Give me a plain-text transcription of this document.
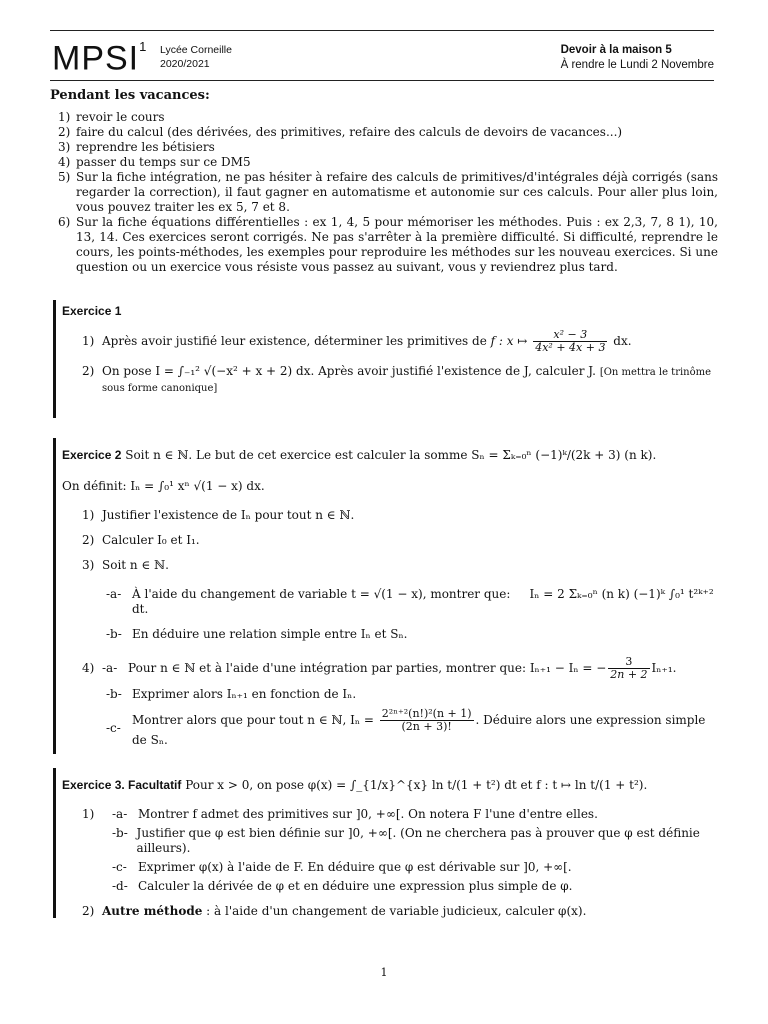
MPSI$^1$ Lycée Corneille
2020/2021
Devoir à la maison 5
À rendre le Lundi 2 Novembre
Pendant les vacances:
1) revoir le cours
2) faire du calcul (des dérivées, des primitives, refaire des calculs de devoirs de vacances...)
3) reprendre les bétisiers
4) passer du temps sur ce DM5
5) Sur la fiche intégration, ne pas hésiter à refaire des calculs de primitives/d'intégrales déjà corrigés (sans regarder la correction), il faut gagner en automatisme et autonomie sur ces calculs. Pour aller plus loin, vous pouvez traiter les ex 5, 7 et 8.
6) Sur la fiche équations différentielles : ex 1, 4, 5 pour mémoriser les méthodes. Puis : ex 2,3, 7, 8 1), 10, 13, 14. Ces exercices seront corrigés. Ne pas s'arrêter à la première difficulté. Si difficulté, reprendre le cours, les points-méthodes, les exemples pour reproduire les méthodes sur les nouveau exercices. Si une question ou un exercice vous résiste vous passez au suivant, vous y reviendrez plus tard.
Exercice 1
1) Après avoir justifié leur existence, déterminer les primitives de f : x ↦ $\frac{\text{x² − 3}}{\text{4x² + 4x + 3}}$ dx.
2) On pose I = ∫₋₁² √(−x² + x + 2) dx. Après avoir justifié l'existence de J, calculer J. [On mettra le trinôme sous forme canonique]
Exercice 2 Soit n ∈ ℕ. Le but de cet exercice est calculer la somme Sₙ = Σₖ₌₀ⁿ (−1)ᵏ/(2k + 3) (n k).
On définit: Iₙ = ∫₀¹ xⁿ √(1 − x) dx.
1) Justifier l'existence de Iₙ pour tout n ∈ ℕ.
2) Calculer I₀ et I₁.
3) Soit n ∈ ℕ.
-a- À l'aide du changement de variable t = √(1 − x), montrer que: Iₙ = 2 Σₖ₌₀ⁿ (n k) (−1)ᵏ ∫₀¹ t²ᵏ⁺² dt.
-b- En déduire une relation simple entre Iₙ et Sₙ.
4) -a- Pour n ∈ ℕ et à l'aide d'une intégration par parties, montrer que: Iₙ₊₁ − Iₙ = − $\frac{3}{2n + 2} I_{n+1}$.
-b- Exprimer alors Iₙ₊₁ en fonction de Iₙ.
-c-
Montrer alors que pour tout n ∈ ℕ, $I_n = \frac{\text{2²ⁿ⁺²(n!)²(n + 1)}}{(2n + 3)!}$ . Déduire alors une expression simple de Sₙ.
Exercice 3. Facultatif Pour x > 0, on pose φ(x) = ∫_{1/x}^{x} ln t/(1 + t²) dt et f : t ↦ ln t/(1 + t²).
1)	-a- Montrer f admet des primitives sur ]0, +∞[. On notera F l'une d'entre elles.
-b- Justifier que φ est bien définie sur ]0, +∞[. (On ne cherchera pas à prouver que φ est définie ailleurs).
-c- Exprimer φ(x) à l'aide de F. En déduire que φ est dérivable sur ]0, +∞[.
-d- Calculer la dérivée de φ et en déduire une expression plus simple de φ.
2) Autre méthode : à l'aide d'un changement de variable judicieux, calculer φ(x).
1
